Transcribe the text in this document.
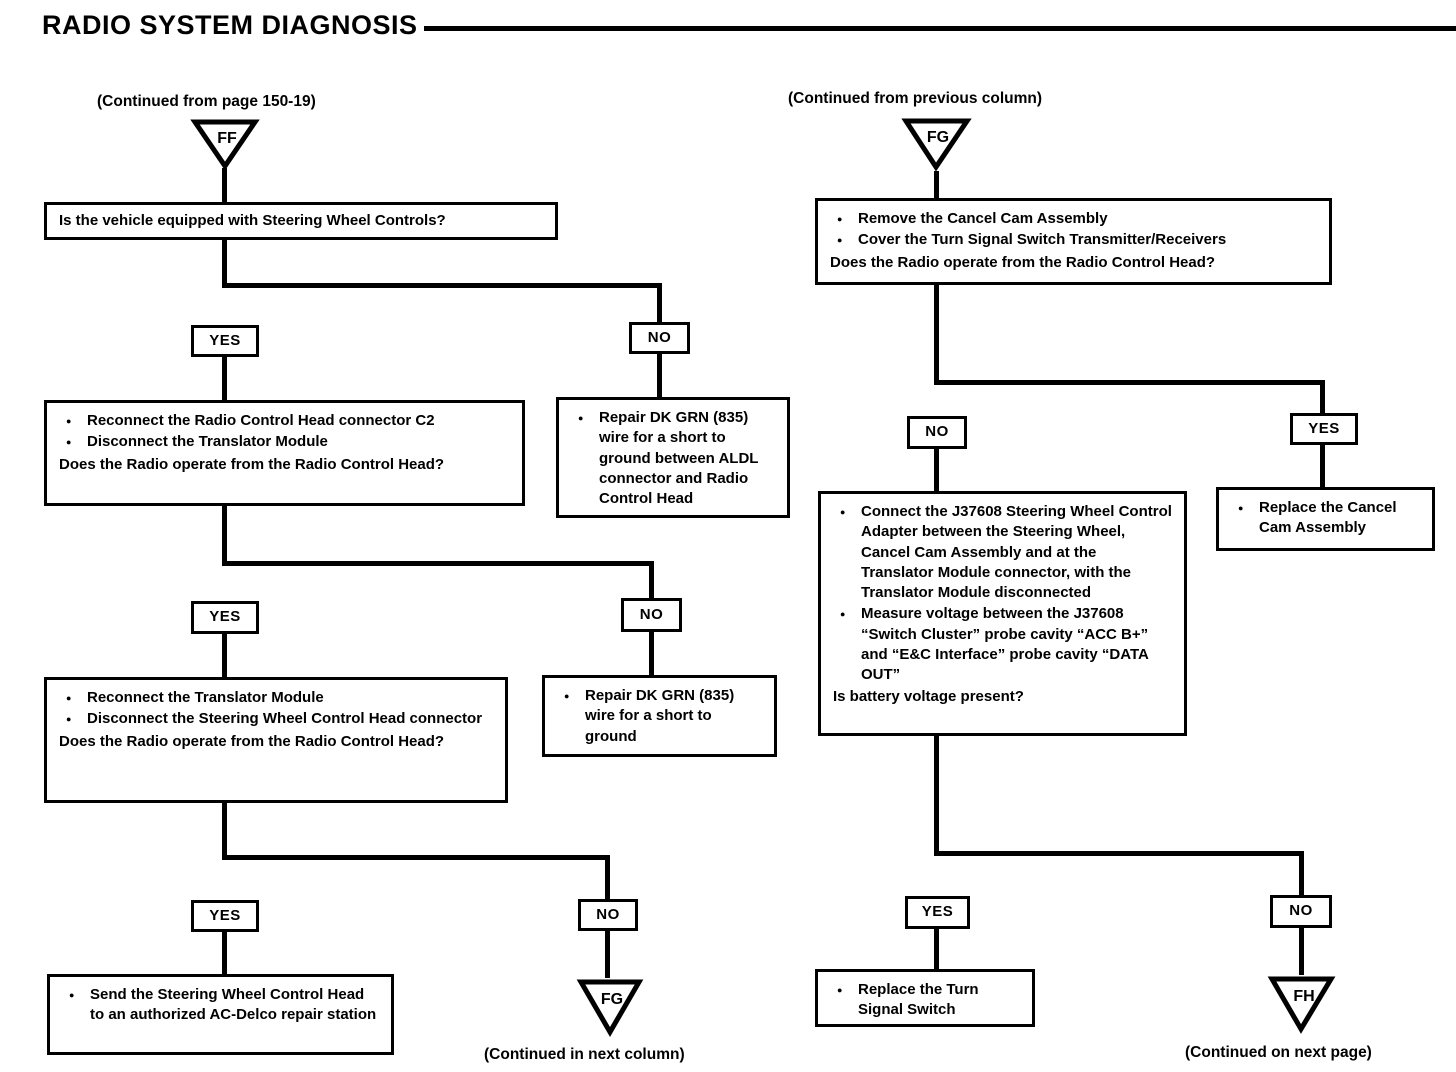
RADIO SYSTEM DIAGNOSIS
(Continued from page 150-19)
FF
Is the vehicle equipped with Steering Wheel Controls?
YES	NO
● Reconnect the Radio Control Head connector C2
● Disconnect the Translator Module
Does the Radio operate from the Radio Control Head?
● Repair DK GRN (835) wire for a short to ground between ALDL connector and Radio Control Head
YES	NO
● Reconnect the Translator Module
● Disconnect the Steering Wheel Control Head connector
Does the Radio operate from the Radio Control Head?
● Repair DK GRN (835) wire for a short to ground
YES	NO
● Send the Steering Wheel Control Head to an authorized AC-Delco repair station
FG
(Continued in next column)
(Continued from previous column)
FG
● Remove the Cancel Cam Assembly
● Cover the Turn Signal Switch Transmitter/Receivers
Does the Radio operate from the Radio Control Head?
NO	YES
● Connect the J37608 Steering Wheel Control Adapter between the Steering Wheel, Cancel Cam Assembly and at the Translator Module connector, with the Translator Module disconnected
● Measure voltage between the J37608 “Switch Cluster” probe cavity “ACC B+” and “E&C Interface” probe cavity “DATA OUT”
Is battery voltage present?
● Replace the Cancel Cam Assembly
YES	NO
● Replace the Turn Signal Switch
FH
(Continued on next page)
